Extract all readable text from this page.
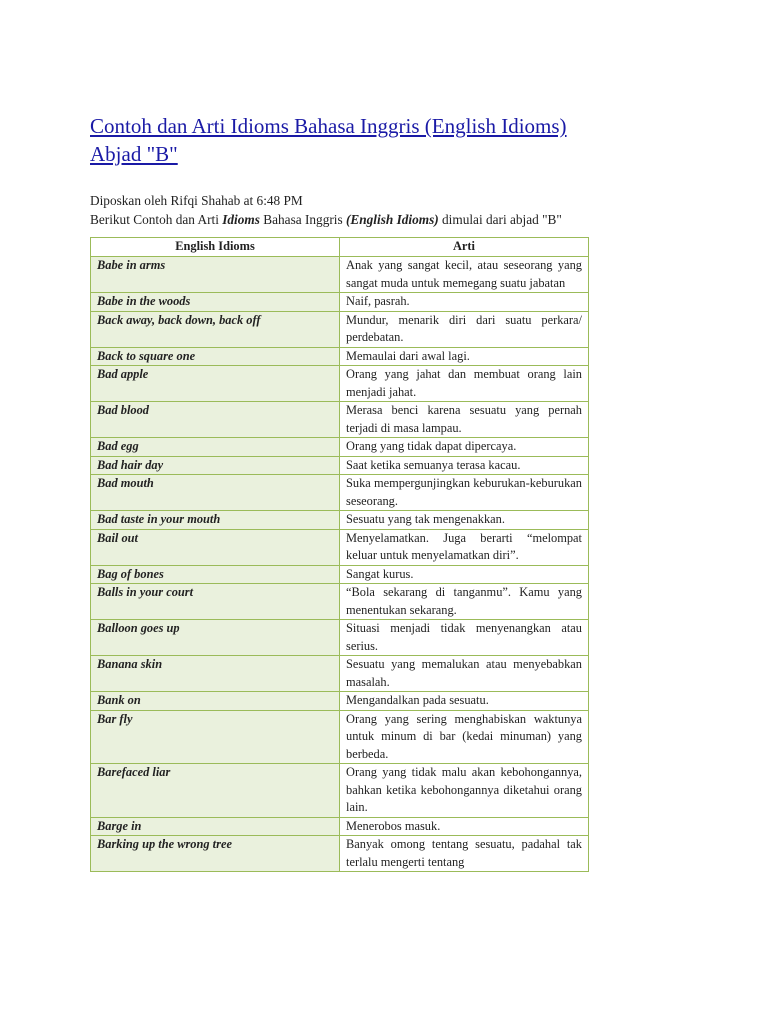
Contoh dan Arti Idioms Bahasa Inggris (English Idioms) Abjad "B"
Diposkan oleh Rifqi Shahab at 6:48 PM
Berikut Contoh dan Arti Idioms Bahasa Inggris (English Idioms) dimulai dari abjad "B"
English Idioms	Arti
Babe in arms	Anak yang sangat kecil, atau seseorang yang sangat muda untuk memegang suatu jabatan
Babe in the woods	Naif, pasrah.
Back away, back down, back off	Mundur, menarik diri dari suatu perkara/ perdebatan.
Back to square one	Memaulai dari awal lagi.
Bad apple	Orang yang jahat dan membuat orang lain menjadi jahat.
Bad blood	Merasa benci karena sesuatu yang pernah terjadi di masa lampau.
Bad egg	Orang yang tidak dapat dipercaya.
Bad hair day	Saat ketika semuanya terasa kacau.
Bad mouth	Suka mempergunjingkan keburukan-keburukan seseorang.
Bad taste in your mouth	Sesuatu yang tak mengenakkan.
Bail out	Menyelamatkan. Juga berarti “melompat keluar untuk menyelamatkan diri”.
Bag of bones	Sangat kurus.
Balls in your court	“Bola sekarang di tanganmu”. Kamu yang menentukan sekarang.
Balloon goes up	Situasi menjadi tidak menyenangkan atau serius.
Banana skin	Sesuatu yang memalukan atau menyebabkan masalah.
Bank on	Mengandalkan pada sesuatu.
Bar fly	Orang yang sering menghabiskan waktunya untuk minum di bar (kedai minuman) yang berbeda.
Barefaced liar	Orang yang tidak malu akan kebohongannya, bahkan ketika kebohongannya diketahui orang lain.
Barge in	Menerobos masuk.
Barking up the wrong tree	Banyak omong tentang sesuatu, padahal tak terlalu mengerti tentang
